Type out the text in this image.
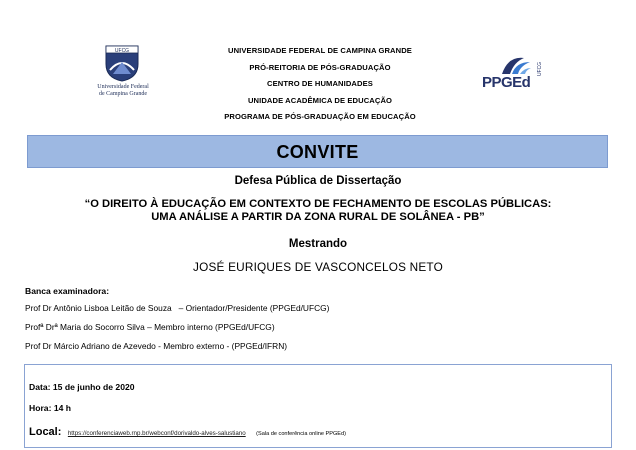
UFCG
Universidade Federal
de Campina Grande
PPGEd
UFCG
UNIVERSIDADE FEDERAL DE CAMPINA GRANDE
PRÓ-REITORIA DE PÓS-GRADUAÇÃO
CENTRO DE HUMANIDADES
UNIDADE ACADÊMICA DE EDUCAÇÃO
PROGRAMA DE PÓS-GRADUAÇÃO EM EDUCAÇÃO
CONVITE
Defesa Pública de Dissertação
“O DIREITO À EDUCAÇÃO EM CONTEXTO DE FECHAMENTO DE ESCOLAS PÚBLICAS:
UMA ANÁLISE A PARTIR DA ZONA RURAL DE SOLÂNEA - PB”
Mestrando
JOSÉ EURIQUES DE VASCONCELOS NETO
Banca examinadora:
Prof Dr Antônio Lisboa Leitão de Souza   – Orientador/Presidente (PPGEd/UFCG)
Profª Drª Maria do Socorro Silva – Membro interno (PPGEd/UFCG)
Prof Dr Márcio Adriano de Azevedo - Membro externo - (PPGEd/IFRN)
Data: 15 de junho de 2020
Hora: 14 h
Local: https://conferenciaweb.rnp.br/webconf/dorivaldo-alves-salustiano (Sala de conferência online PPGEd)
